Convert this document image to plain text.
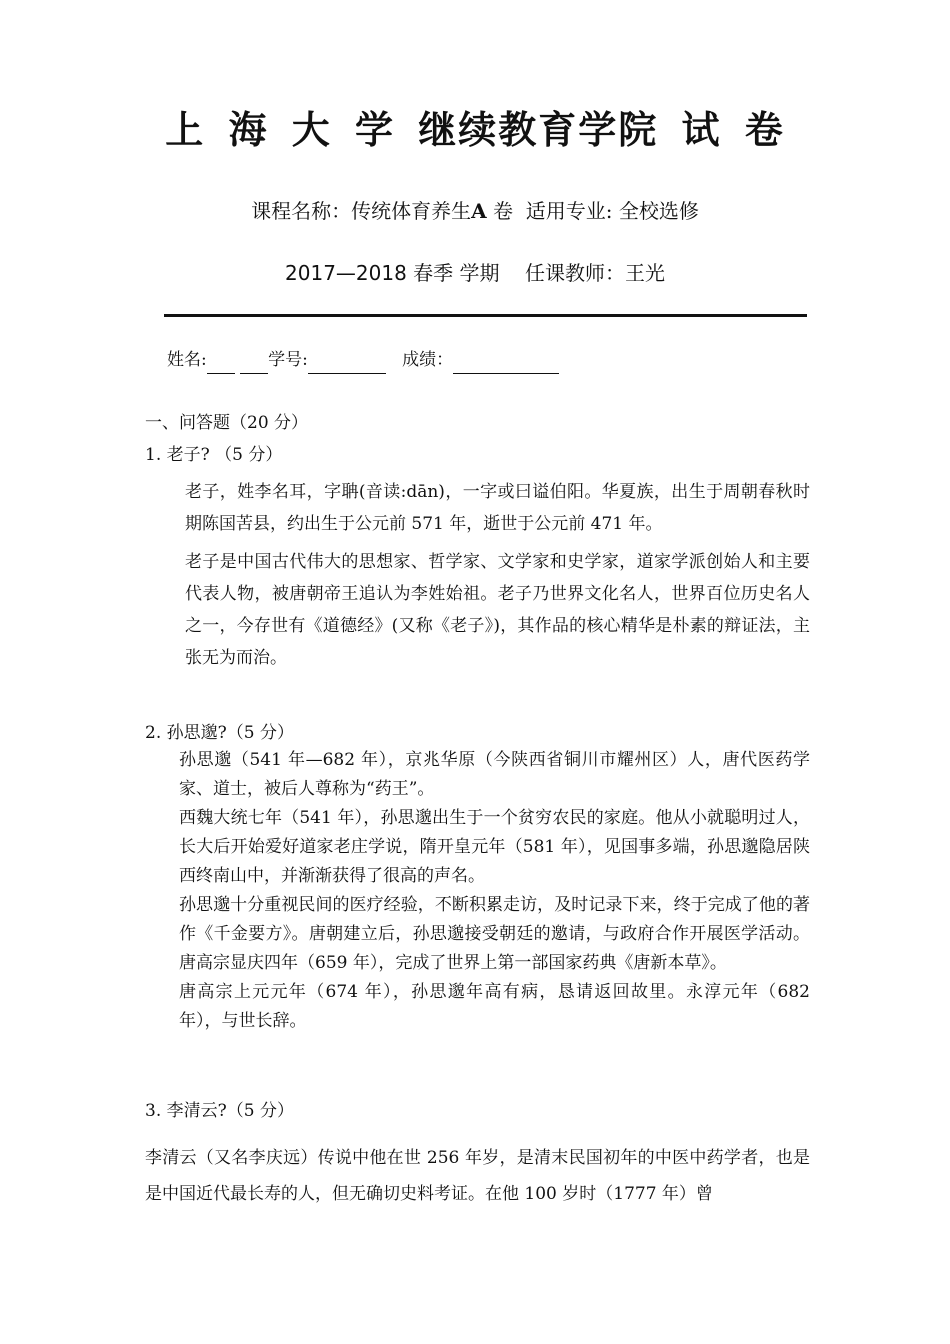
上 海 大 学 继续教育学院 试 卷
课程名称：传统体育养生A 卷 适用专业: 全校选修
2017—2018 春季 学期 任课教师：王光
姓名:	学号:	成绩：
一、问答题（20 分）
1. 老子? （5 分）

老子，姓李名耳，字聃(音读:dān)，一字或曰谥伯阳。华夏族，出生于周朝春秋时期陈国苦县，约出生于公元前 571 年，逝世于公元前 471 年。

老子是中国古代伟大的思想家、哲学家、文学家和史学家，道家学派创始人和主要代表人物，被唐朝帝王追认为李姓始祖。老子乃世界文化名人，世界百位历史名人之一，今存世有《道德经》(又称《老子》)，其作品的核心精华是朴素的辩证法，主张无为而治。

2. 孙思邈?（5 分）

孙思邈（541 年—682 年），京兆华原（今陕西省铜川市耀州区）人，唐代医药学家、道士，被后人尊称为“药王”。

西魏大统七年（541 年），孙思邈出生于一个贫穷农民的家庭。他从小就聪明过人，长大后开始爱好道家老庄学说，隋开皇元年（581 年），见国事多端，孙思邈隐居陕西终南山中，并渐渐获得了很高的声名。

孙思邈十分重视民间的医疗经验，不断积累走访，及时记录下来，终于完成了他的著作《千金要方》。唐朝建立后，孙思邈接受朝廷的邀请，与政府合作开展医学活动。唐高宗显庆四年（659 年），完成了世界上第一部国家药典《唐新本草》。

唐高宗上元元年（674 年），孙思邈年高有病，恳请返回故里。永淳元年（682 年），与世长辞。

3. 李清云?（5 分）

李清云（又名李庆远）传说中他在世 256 年岁，是清末民国初年的中医中药学者，也是是中国近代最长寿的人，但无确切史料考证。在他 100 岁时（1777 年）曾
